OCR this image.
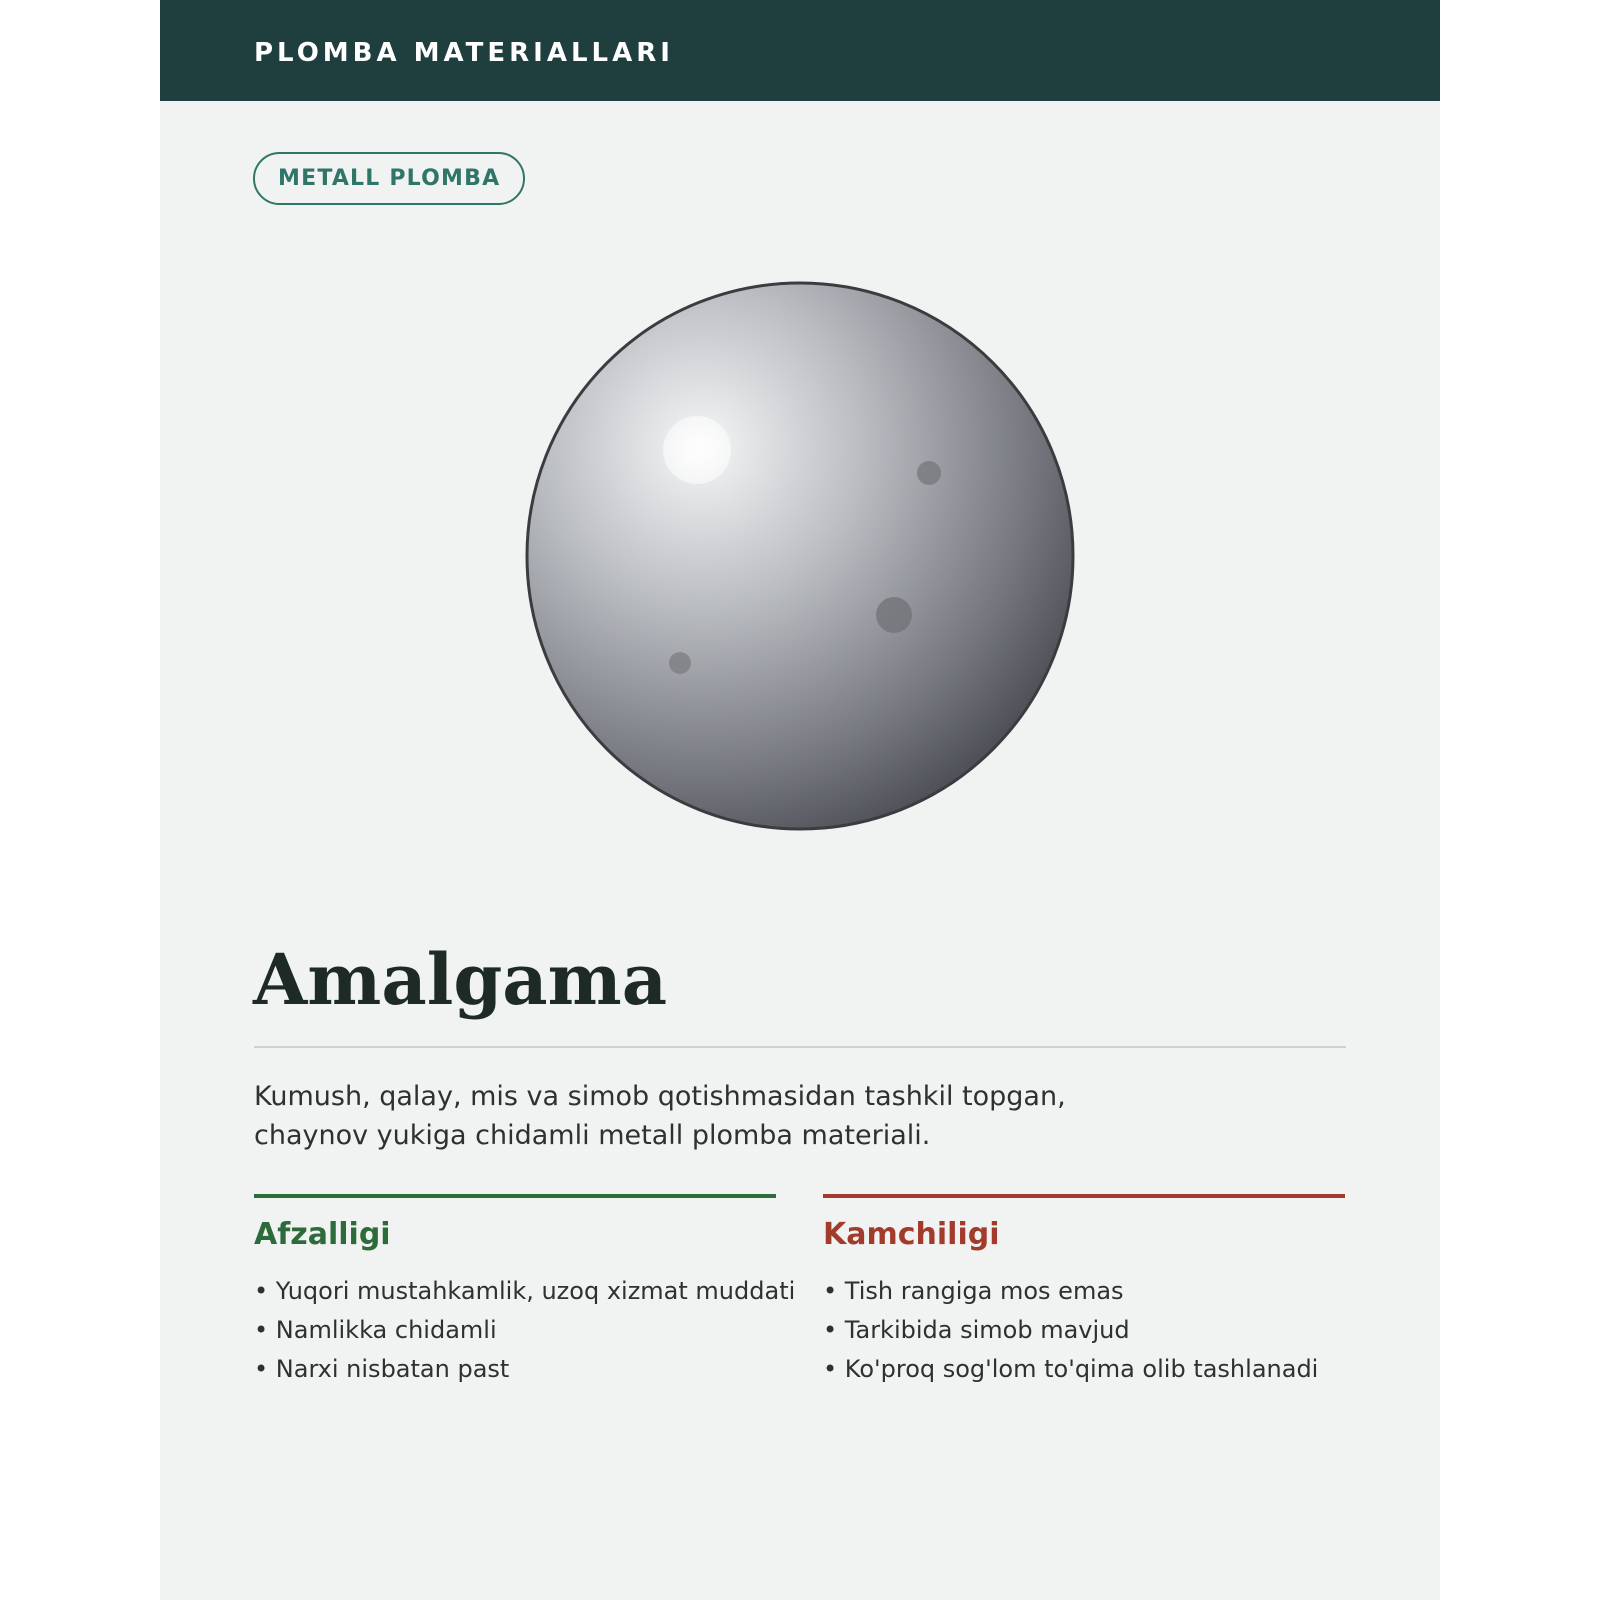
PLOMBA MATERIALLARI
METALL PLOMBA
Amalgama
Kumush, qalay, mis va simob qotishmasidan tashkil topgan,
chaynov yukiga chidamli metall plomba materiali.
Afzalligi
• Yuqori mustahkamlik, uzoq xizmat muddati
• Namlikka chidamli
• Narxi nisbatan past
Kamchiligi
• Tish rangiga mos emas
• Tarkibida simob mavjud
• Ko'proq sog'lom to'qima olib tashlanadi
